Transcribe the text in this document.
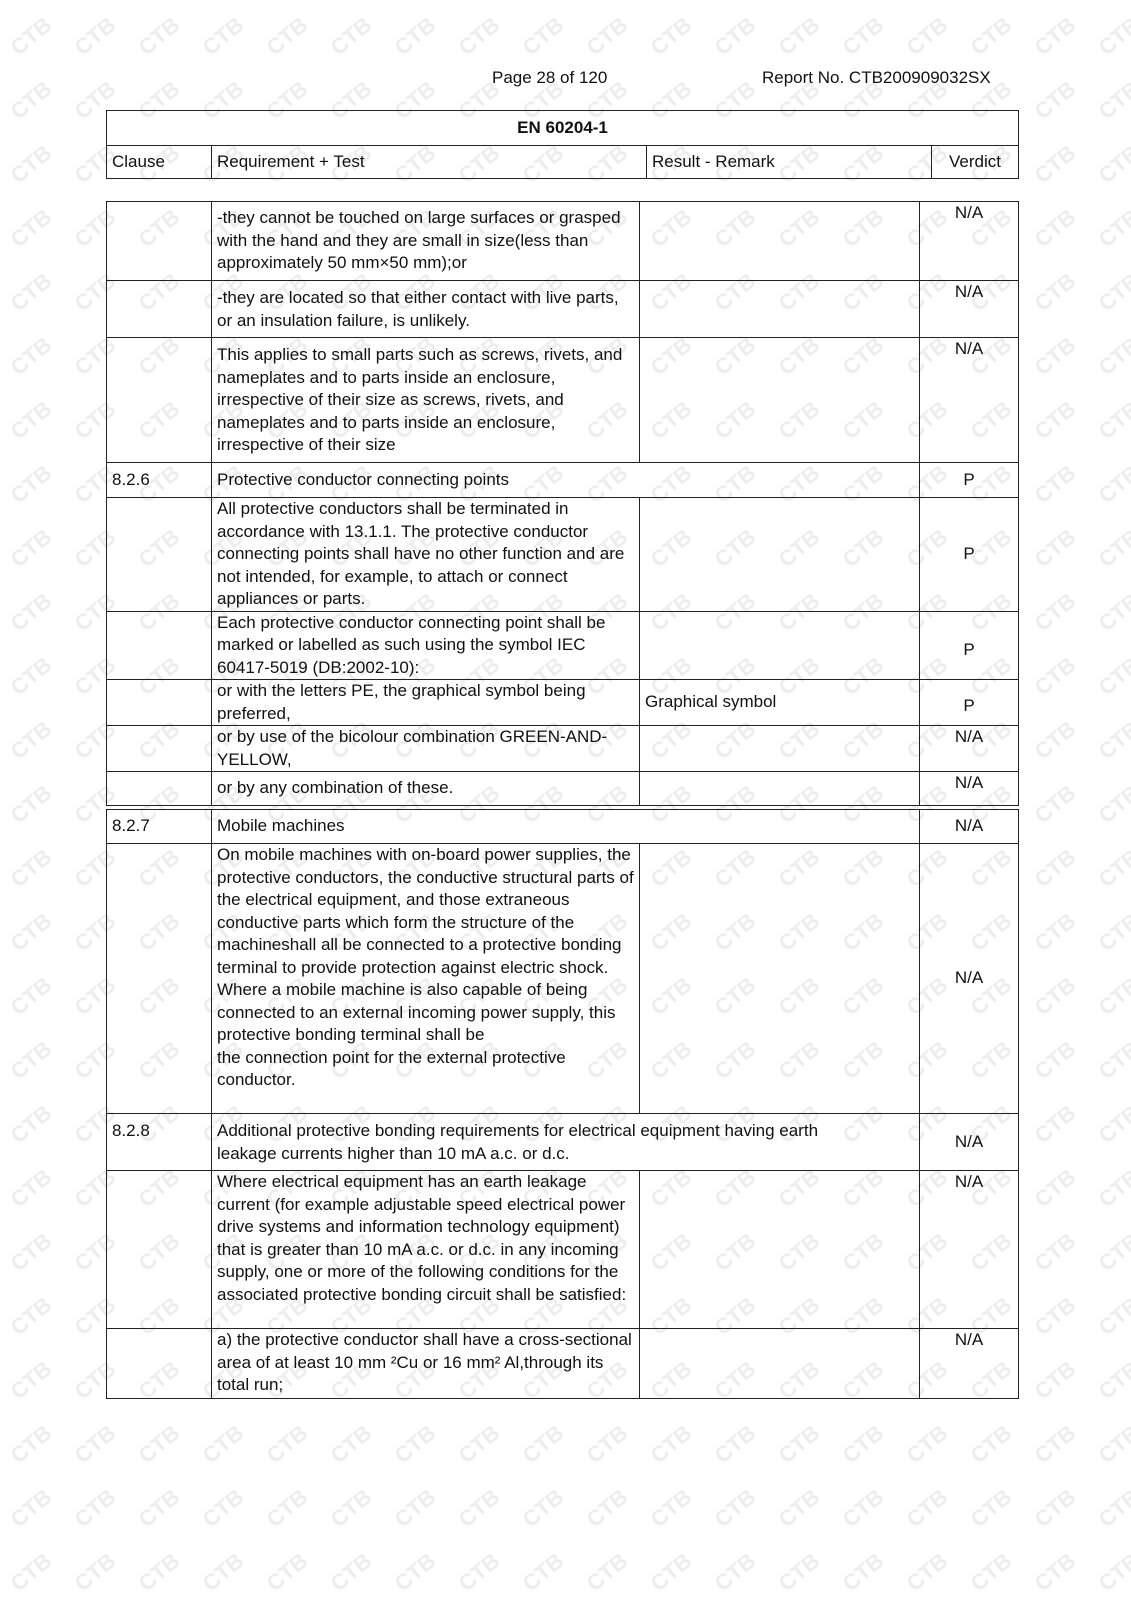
Page 28 of 120	Report No. CTB200909032SX
EN 60204-1
Clause	Requirement + Test	Result - Remark	Verdict
	-they cannot be touched on large surfaces or grasped with the hand and they are small in size(less than approximately 50 mm×50 mm);or		N/A
	-they are located so that either contact with live parts, or an insulation failure, is unlikely.		N/A
	This applies to small parts such as screws, rivets, and nameplates and to parts inside an enclosure, irrespective of their size as screws, rivets, and nameplates and to parts inside an enclosure, irrespective of their size		N/A
8.2.6	Protective conductor connecting points		P
	All protective conductors shall be terminated in accordance with 13.1.1. The protective conductor connecting points shall have no other function and are not intended, for example, to attach or connect appliances or parts.		P
	Each protective conductor connecting point shall be marked or labelled as such using the symbol IEC 60417-5019 (DB:2002-10):		P
	or with the letters PE, the graphical symbol being preferred,	Graphical symbol	P
	or by use of the bicolour combination GREEN-AND-YELLOW,		N/A
	or by any combination of these.		N/A

8.2.7	Mobile machines		N/A

	On mobile machines with on-board power supplies, the protective conductors, the conductive structural parts of the electrical equipment, and those extraneous conductive parts which form the structure of the machineshall all be connected to a protective bonding terminal to provide protection against electric shock. Where a mobile machine is also capable of being connected to an external incoming power supply, this protective bonding terminal shall be
the connection point for the external protective conductor.		N/A
8.2.8	Additional protective bonding requirements for electrical equipment having earth leakage currents higher than 10 mA a.c. or d.c.		N/A
	Where electrical equipment has an earth leakage current (for example adjustable speed electrical power drive systems and information technology equipment) that is greater than 10 mA a.c. or d.c. in any incoming supply, one or more of the following conditions for the associated protective bonding circuit shall be satisfied:		N/A
	a) the protective conductor shall have a cross-sectional area of at least 10 mm ²Cu or 16 mm² Al,through its total run;		N/A
